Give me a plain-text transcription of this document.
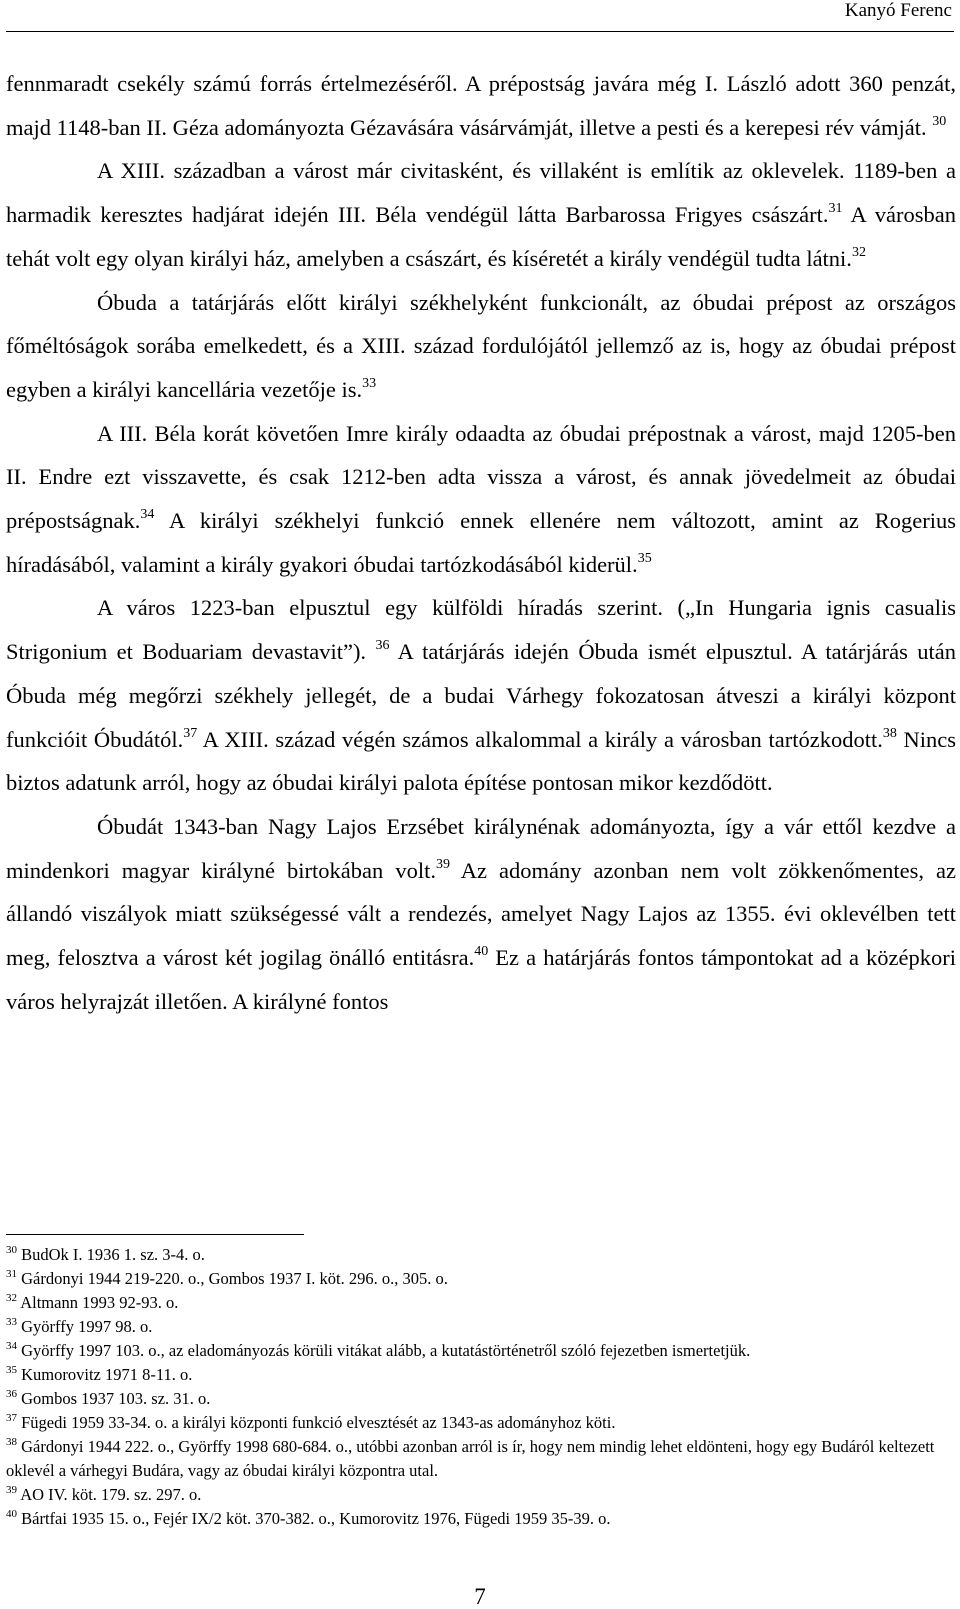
Kanyó Ferenc

fennmaradt csekély számú forrás értelmezéséről. A prépostság javára még I. László adott 360 penzát, majd 1148-ban II. Géza adományozta Gézavására vásárvámját, illetve a pesti és a kerepesi rév vámját. $^{30}$

A XIII. században a várost már civitasként, és villaként is említik az oklevelek. 1189-ben a harmadik keresztes hadjárat idején III. Béla vendégül látta Barbarossa Frigyes császárt.$^{31}$ A városban tehát volt egy olyan királyi ház, amelyben a császárt, és kíséretét a király vendégül tudta látni.$^{32}$

Óbuda a tatárjárás előtt királyi székhelyként funkcionált, az óbudai prépost az országos főméltóságok sorába emelkedett, és a XIII. század fordulójától jellemző az is, hogy az óbudai prépost egyben a királyi kancellária vezetője is.$^{33}$

A III. Béla korát követően Imre király odaadta az óbudai prépostnak a várost, majd 1205-ben II. Endre ezt visszavette, és csak 1212-ben adta vissza a várost, és annak jövedelmeit az óbudai prépostságnak.$^{34}$ A királyi székhelyi funkció ennek ellenére nem változott, amint az Rogerius híradásából, valamint a király gyakori óbudai tartózkodásából kiderül.$^{35}$

A város 1223-ban elpusztul egy külföldi híradás szerint. („In Hungaria ignis casualis Strigonium et Boduariam devastavit”). $^{36}$ A tatárjárás idején Óbuda ismét elpusztul. A tatárjárás után Óbuda még megőrzi székhely jellegét, de a budai Várhegy fokozatosan átveszi a királyi központ funkcióit Óbudától.$^{37}$ A XIII. század végén számos alkalommal a király a városban tartózkodott.$^{38}$ Nincs biztos adatunk arról, hogy az óbudai királyi palota építése pontosan mikor kezdődött.

Óbudát 1343-ban Nagy Lajos Erzsébet királynénak adományozta, így a vár ettől kezdve a mindenkori magyar királyné birtokában volt.$^{39}$ Az adomány azonban nem volt zökkenőmentes, az állandó viszályok miatt szükségessé vált a rendezés, amelyet Nagy Lajos az 1355. évi oklevélben tett meg, felosztva a várost két jogilag önálló entitásra.$^{40}$ Ez a határjárás fontos támpontokat ad a középkori város helyrajzát illetően. A királyné fontos

$^{30}$ BudOk I. 1936 1. sz. 3-4. o.

$^{31}$ Gárdonyi 1944 219-220. o., Gombos 1937 I. köt. 296. o., 305. o.

$^{32}$ Altmann 1993 92-93. o.

$^{33}$ Györffy 1997 98. o.

$^{34}$ Györffy 1997 103. o., az eladományozás körüli vitákat alább, a kutatástörténetről szóló fejezetben ismertetjük.

$^{35}$ Kumorovitz 1971 8-11. o.

$^{36}$ Gombos 1937 103. sz. 31. o.

$^{37}$ Fügedi 1959 33-34. o. a királyi központi funkció elvesztését az 1343-as adományhoz köti.

$^{38}$ Gárdonyi 1944 222. o., Györffy 1998 680-684. o., utóbbi azonban arról is ír, hogy nem mindig lehet eldönteni, hogy egy Budáról keltezett oklevél a várhegyi Budára, vagy az óbudai királyi központra utal.

$^{39}$ AO IV. köt. 179. sz. 297. o.

$^{40}$ Bártfai 1935 15. o., Fejér IX/2 köt. 370-382. o., Kumorovitz 1976, Fügedi 1959 35-39. o.

7
